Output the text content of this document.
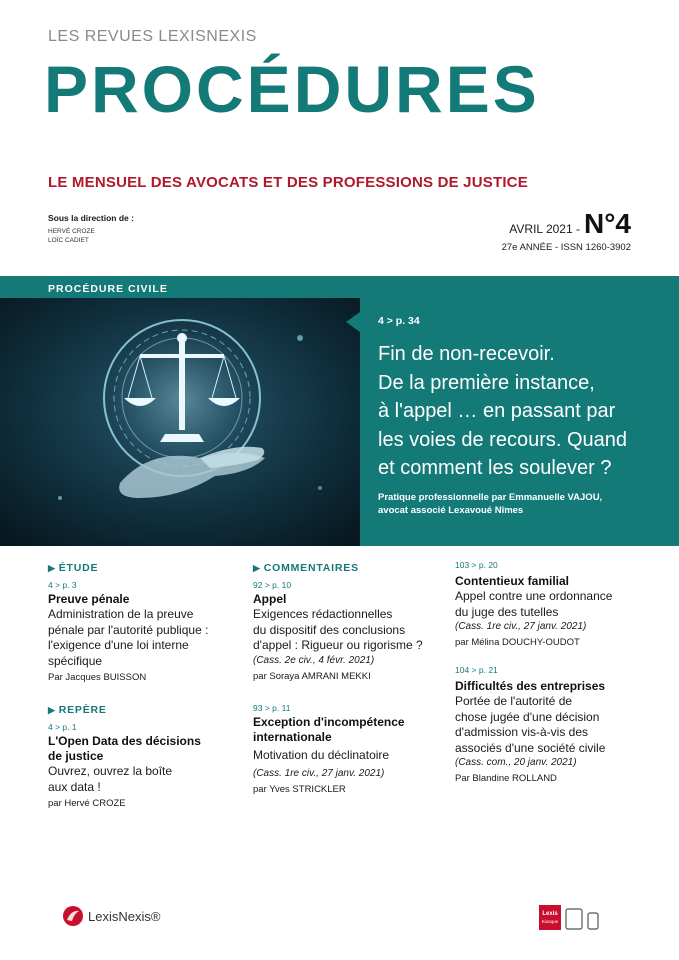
LES REVUES LEXISNEXIS
PROCÉDURES
LE MENSUEL DES AVOCATS ET DES PROFESSIONS DE JUSTICE
Sous la direction de :
HERVÉ CROZE
LOÏC CADIET
AVRIL 2021 - N°4
27e ANNÉE - ISSN 1260-3902
PROCÉDURE CIVILE
4 > p. 34
Fin de non-recevoir.
De la première instance,
à l'appel … en passant par
les voies de recours. Quand
et comment les soulever ?
Pratique professionnelle par Emmanuelle VAJOU,
avocat associé Lexavoué Nîmes
▶ ÉTUDE
4 > p. 3
Preuve pénale
Administration de la preuve
pénale par l'autorité publique :
l'exigence d'une loi interne
spécifique
Par Jacques BUISSON
▶ REPÈRE
4 > p. 1
L'Open Data des décisions
de justice
Ouvrez, ouvrez la boîte
aux data !
par Hervé CROZE
▶ COMMENTAIRES
92 > p. 10
Appel
Exigences rédactionnelles
du dispositif des conclusions
d'appel : Rigueur ou rigorisme ?
(Cass. 2e civ., 4 févr. 2021)
par Soraya AMRANI MEKKI
93 > p. 11
Exception d'incompétence
internationale
Motivation du déclinatoire
(Cass. 1re civ., 27 janv. 2021)
par Yves STRICKLER
103 > p. 20
Contentieux familial
Appel contre une ordonnance
du juge des tutelles
(Cass. 1re civ., 27 janv. 2021)
par Mélina DOUCHY-OUDOT
104 > p. 21
Difficultés des entreprises
Portée de l'autorité de
chose jugée d'une décision
d'admission vis-à-vis des
associés d'une société civile
(Cass. com., 20 janv. 2021)
Par Blandine ROLLAND
LexisNexis®	Lexis
Kiosque
